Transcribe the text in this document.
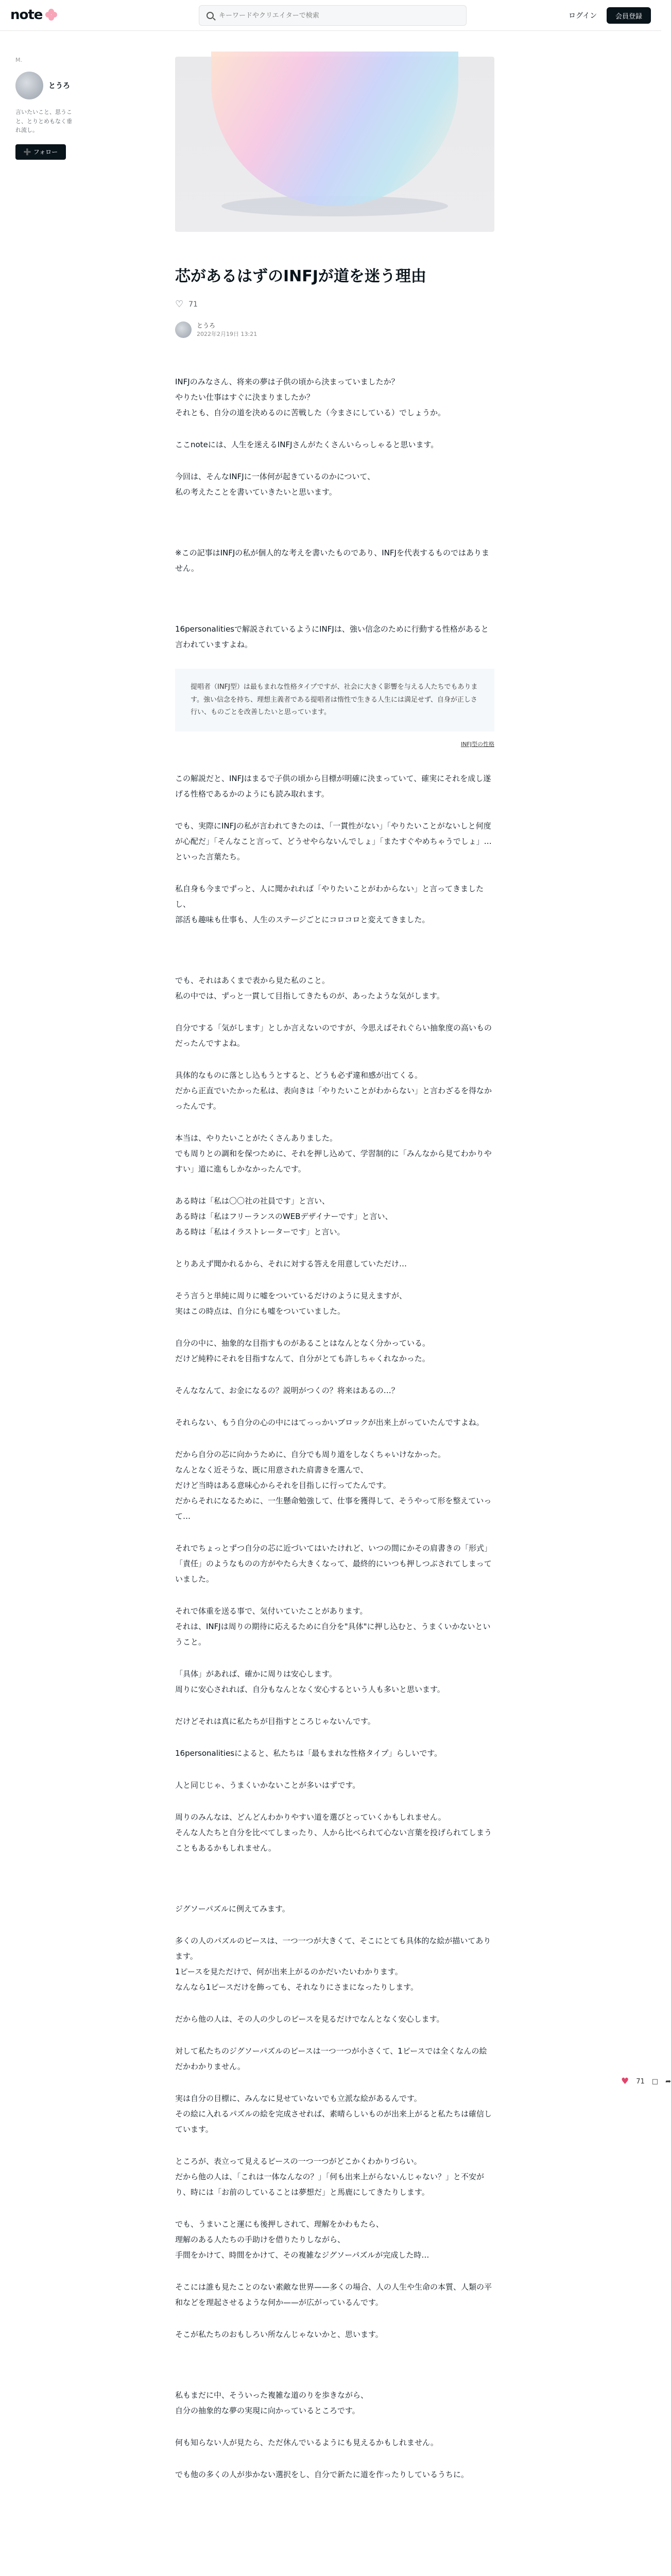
note
キーワードやクリエイターで検索	ログイン	会員登録
M.
とうろ
言いたいこと、思うこと、とりとめもなく垂れ流し。
➕ フォロー
芯があるはずのINFJが道を迷う理由
♡ 71
とうろ
2022年2月19日 13:21

INFJのみなさん、将来の夢は子供の頃から決まっていましたか？
やりたい仕事はすぐに決まりましたか？
それとも、自分の道を決めるのに苦戦した（今まさにしている）でしょうか。

ここnoteには、人生を迷えるINFJさんがたくさんいらっしゃると思います。

今回は、そんなINFJに一体何が起きているのかについて、
私の考えたことを書いていきたいと思います。

※この記事はINFJの私が個人的な考えを書いたものであり、INFJを代表するものではありません。

16personalitiesで解説されているようにINFJは、強い信念のために行動する性格があると言われていますよね。

提唱者（INFJ型）は最もまれな性格タイプですが、社会に大きく影響を与える人たちでもあります。強い信念を持ち、理想主義者である提唱者は惰性で生きる人生には満足せず、自身が正しさ行い、ものごとを改善したいと思っています。
INFJ型の性格

この解説だと、INFJはまるで子供の頃から目標が明確に決まっていて、確実にそれを成し遂げる性格であるかのようにも読み取れます。

でも、実際にINFJの私が言われてきたのは、「一貫性がない」「やりたいことがないしと何度が心配だ」「そんなこと言って、どうせやらないんでしょ」「またすぐやめちゃうでしょ」…といった言葉たち。

私自身も今までずっと、人に聞かれれば「やりたいことがわからない」と言ってきましたし、
部活も趣味も仕事も、人生のステージごとにコロコロと変えてきました。

でも、それはあくまで表から見た私のこと。
私の中では、ずっと一貫して目指してきたものが、あったような気がします。

自分でする「気がします」としか言えないのですが、今思えばそれぐらい抽象度の高いものだったんですよね。

具体的なものに落とし込もうとすると、どうも必ず違和感が出てくる。
だから正直でいたかった私は、表向きは「やりたいことがわからない」と言わざるを得なかったんです。

本当は、やりたいことがたくさんありました。
でも周りとの調和を保つために、それを押し込めて、学習制的に「みんなから見てわかりやすい」道に進もしかなかったんです。

ある時は「私は〇〇社の社員です」と言い、
ある時は「私はフリーランスのWEBデザイナーです」と言い、
ある時は「私はイラストレーターです」と言い。

とりあえず聞かれるから、それに対する答えを用意していただけ…

そう言うと単純に周りに嘘をついているだけのように見えますが、
実はこの時点は、自分にも嘘をついていました。

自分の中に、抽象的な目指すものがあることはなんとなく分かっている。
だけど純粋にそれを目指すなんて、自分がとても許しちゃくれなかった。

そんななんて、お金になるの？説明がつくの？将来はあるの…？

それらない、もう自分の心の中にはてっっかいブロックが出来上がっていたんですよね。

だから自分の芯に向かうために、自分でも周り道をしなくちゃいけなかった。
なんとなく近そうな、既に用意された肩書きを選んで、
だけど当時はある意味心からそれを目指しに行ってたんです。
だからそれになるために、一生懸命勉強して、仕事を獲得して、そうやって形を整えていって…

それでちょっとずつ自分の芯に近づいてはいたけれど、いつの間にかその肩書きの「形式」「責任」のようなものの方がやたら大きくなって、最終的にいつも押しつぶされてしまっていました。

それで体重を送る事で、気付いていたことがあります。
それは、INFJは周りの期待に応えるために自分を"具体"に押し込むと、うまくいかないということ。

「具体」があれば、確かに周りは安心します。
周りに安心されれば、自分もなんとなく安心するという人も多いと思います。

だけどそれは真に私たちが目指すところじゃないんです。

16personalitiesによると、私たちは「最もまれな性格タイプ」らしいです。

人と同じじゃ、うまくいかないことが多いはずです。

周りのみんなは、どんどんわかりやすい道を選びとっていくかもしれません。
そんな人たちと自分を比べてしまったり、人から比べられて心ない言葉を投げられてしまうこともあるかもしれません。

ジグソーパズルに例えてみます。

多くの人のパズルのピースは、一つ一つが大きくて、そこにとても具体的な絵が描いてあります。
1ピースを見ただけで、何が出来上がるのかだいたいわかります。
なんなら1ピースだけを飾っても、それなりにさまになったりします。

だから他の人は、その人の少しのピースを見るだけでなんとなく安心します。

対して私たちのジグソーパズルのピースは一つ一つが小さくて、1ピースでは全くなんの絵だかわかりません。

実は自分の目標に、みんなに見せていないでも立派な絵があるんです。
その絵に入れるパズルの絵を完成させれば、素晴らしいものが出来上がると私たちは確信しています。

ところが、表立って見えるピースの一つ一つがどこかくわかりづらい。
だから他の人は、「これは一体なんなの？」「何も出来上がらないんじゃない？」と不安がり、時には「お前のしていることは夢想だ」と馬鹿にしてきたりします。

でも、うまいこと運にも後押しされて、理解をかわもたら、
理解のある人たちの手助けを借りたりしながら、
手間をかけて、時間をかけて、その複雑なジグソーパズルが完成した時…

そこには誰も見たことのない素敵な世界——多くの場合、人の人生や生命の本質、人類の平和などを理起させるような何か——が広がっているんです。

そこが私たちのおもしろい所なんじゃないかと、思います。

私もまだに中、そういった複雑な道のりを歩きながら、
自分の抽象的な夢の実現に向かっているところです。

何も知らない人が見たら、ただ休んでいるようにも見えるかもしれません。

でも他の多くの人が歩かない選択をし、自分で新たに道を作ったりしているうちに。

♥ 71 □ ➦
